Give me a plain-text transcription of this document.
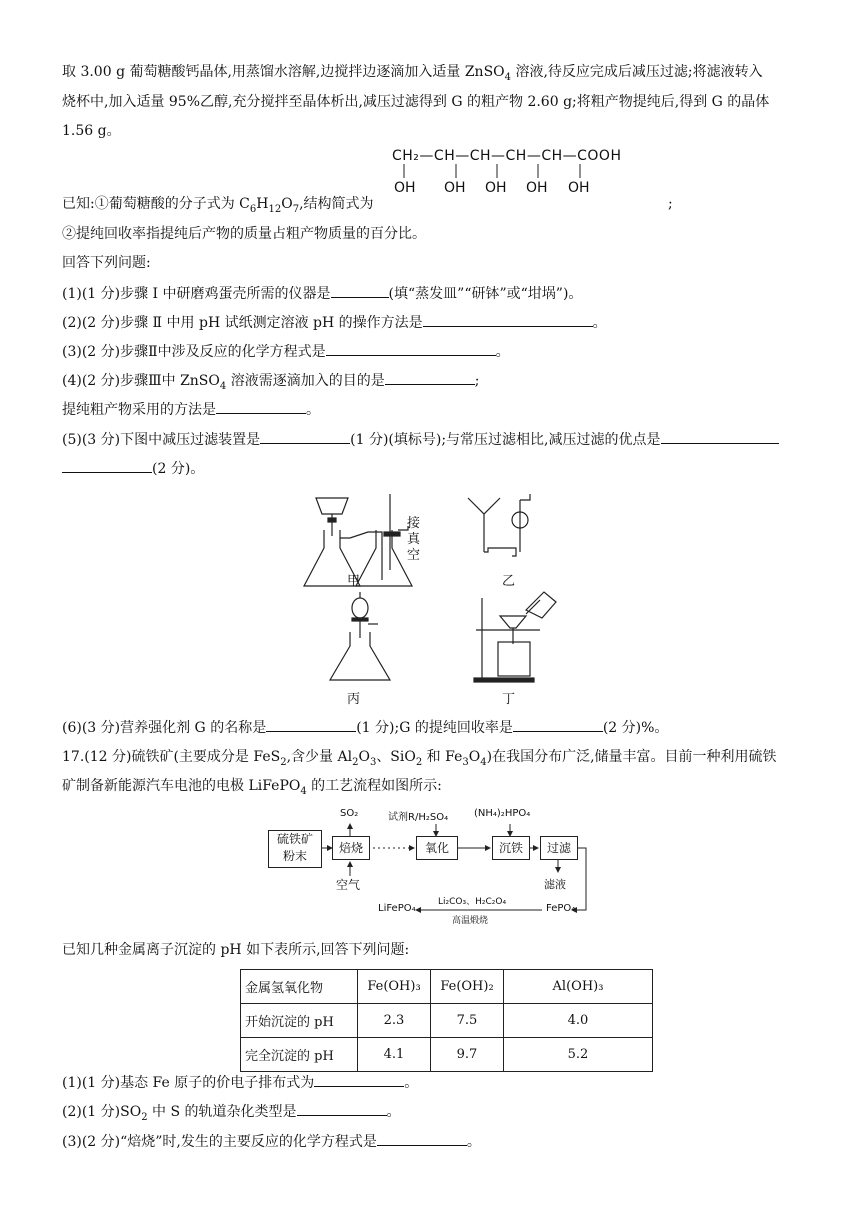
取 3.00 g 葡萄糖酸钙晶体,用蒸馏水溶解,边搅拌边逐滴加入适量 ZnSO$_4$ 溶液,待反应完成后减压过滤;将滤液转入
烧杯中,加入适量 95%乙醇,充分搅拌至晶体析出,减压过滤得到 G 的粗产物 2.60 g;将粗产物提纯后,得到 G 的晶体
1.56 g。
CH₂—CH—CH—CH—CH—COOH
OH OH OH OH OH
已知:①葡萄糖酸的分子式为 $C_6H_{12}O_7$,结构简式为	;
②提纯回收率指提纯后产物的质量占粗产物质量的百分比。
回答下列问题:
(1)(1 分)步骤 Ⅰ 中研磨鸡蛋壳所需的仪器是	(填“蒸发皿”“研钵”或“坩埚”)。
(2)(2 分)步骤 Ⅱ 中用 pH 试纸测定溶液 pH 的操作方法是	。
(3)(2 分)步骤Ⅱ中涉及反应的化学方程式是	。
(4)(2 分)步骤Ⅲ中 ZnSO$_4$ 溶液需逐滴加入的目的是	;
提纯粗产物采用的方法是	。
(5)(3 分)下图中减压过滤装置是	(1 分)(填标号);与常压过滤相比,减压过滤的优点是
(2 分)。
甲	乙
丙	丁
接
真
空
(6)(3 分)营养强化剂 G 的名称是	(1 分);G 的提纯回收率是	(2 分)%。
17.(12 分)硫铁矿(主要成分是 FeS$_2$,含少量 $Al_2O_3$、SiO$_2$ 和 $Fe_3O_4$)在我国分布广泛,储量丰富。目前一种利用硫铁
矿制备新能源汽车电池的电极 LiFePO$_4$ 的工艺流程如图所示:
硫铁矿
粉末
焙烧	氧化	沉铁	过滤
SO₂
空气
试剂R/H₂SO₄	(NH₄)₂HPO₄
滤液
FePO₄
LiFePO₄
Li₂CO₃、H₂C₂O₄
高温煅烧
已知几种金属离子沉淀的 pH 如下表所示,回答下列问题:
金属氢氧化物	Fe(OH)₃	Fe(OH)₂	Al(OH)₃
开始沉淀的 pH	2.3	7.5	4.0
完全沉淀的 pH	4.1	9.7	5.2
(1)(1 分)基态 Fe 原子的价电子排布式为	。
(2)(1 分)$SO_2$ 中 S 的轨道杂化类型是	。
(3)(2 分)“焙烧”时,发生的主要反应的化学方程式是	。
